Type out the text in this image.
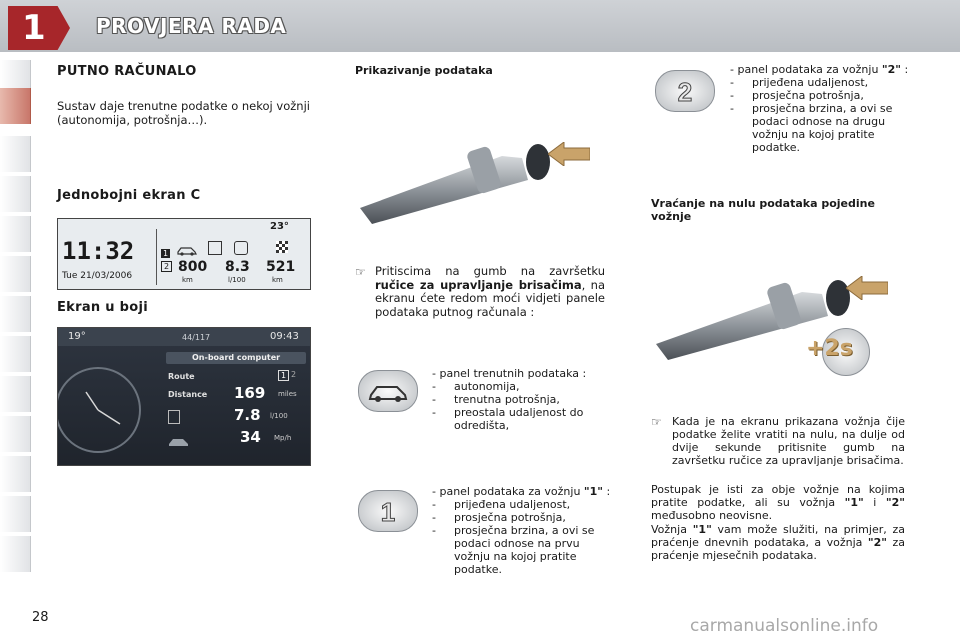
1	PROVJERA RADA
PUTNO RAČUNALO
Sustav daje trenutne podatke o nekoj vožnji (autonomija, potrošnja…).
Jednobojni ekran C
11:32
Tue 21/03/2006
23°
1
2 800
km
8.3
l/100
521
km
Ekran u boji
19°	44/117	09:43
On-board computer
Route	1 2
Distance 169 miles
7.8 l/100
34 Mp/h
Prikazivanje podataka
☞ Pritiscima na gumb na završetku ručice za upravljanje brisačima, na ekranu ćete redom moći vidjeti panele podataka putnog računala :
- panel trenutnih podataka :
- autonomija,
- trenutna potrošnja,
- preostala udaljenost do odredišta,
1
- panel podataka za vožnju "1" :
- prijeđena udaljenost,
- prosječna potrošnja,
- prosječna brzina, a ovi se podaci odnose na prvu vožnju na kojoj pratite podatke.
2
- panel podataka za vožnju "2" :
- prijeđena udaljenost,
- prosječna potrošnja,
- prosječna brzina, a ovi se podaci odnose na drugu vožnju na kojoj pratite podatke.
Vraćanje na nulu podataka pojedine vožnje
+2s
☞ Kada je na ekranu prikazana vožnja čije podatke želite vratiti na nulu, na dulje od dvije sekunde pritisnite gumb na završetku ručice za upravljanje brisačima.
Postupak je isti za obje vožnje na kojima pratite podatke, ali su vožnja "1" i "2" međusobno neovisne.
Vožnja "1" vam može služiti, na primjer, za praćenje dnevnih podataka, a vožnja "2" za praćenje mjesečnih podataka.
28	carmanualsonline.info
